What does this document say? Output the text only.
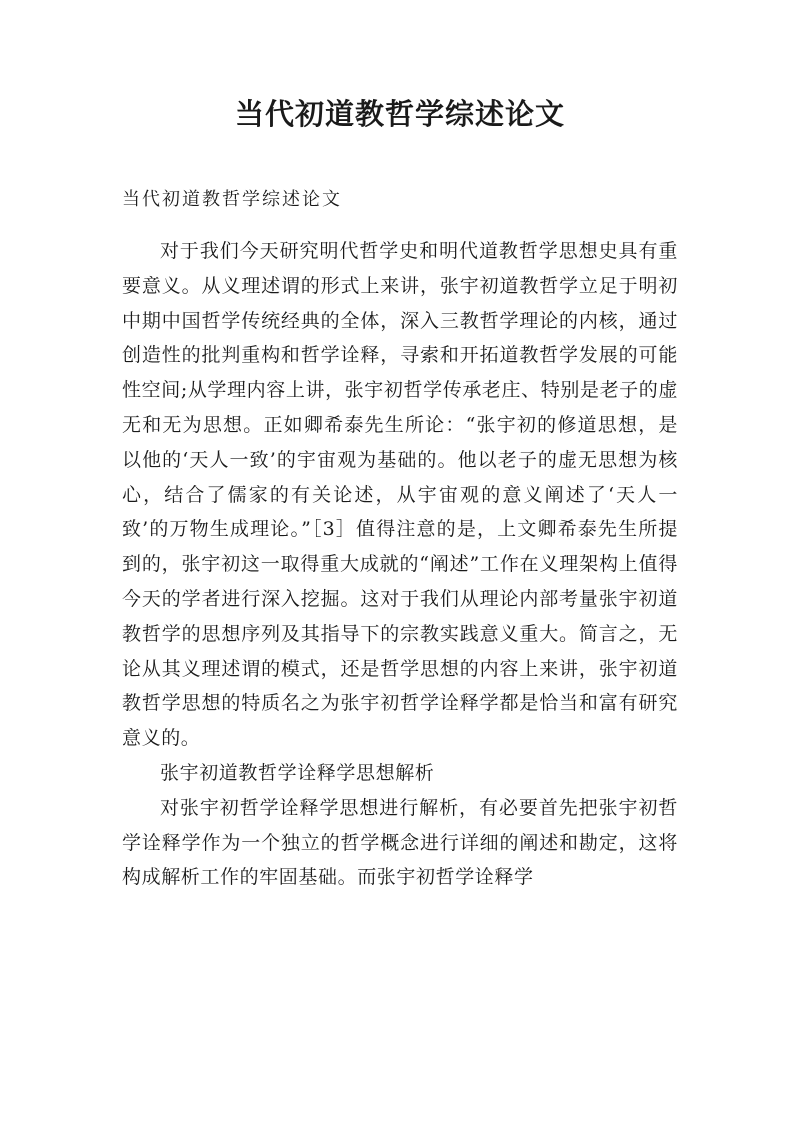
当代初道教哲学综述论文

当代初道教哲学综述论文

对于我们今天研究明代哲学史和明代道教哲学思想史具有重要意义。从义理述谓的形式上来讲，张宇初道教哲学立足于明初中期中国哲学传统经典的全体，深入三教哲学理论的内核，通过创造性的批判重构和哲学诠释，寻索和开拓道教哲学发展的可能性空间;从学理内容上讲，张宇初哲学传承老庄、特别是老子的虚无和无为思想。正如卿希泰先生所论：“张宇初的修道思想，是以他的‘天人一致’的宇宙观为基础的。他以老子的虚无思想为核心，结合了儒家的有关论述，从宇宙观的意义阐述了‘天人一致’的万物生成理论。”［3］值得注意的是，上文卿希泰先生所提到的，张宇初这一取得重大成就的“阐述”工作在义理架构上值得今天的学者进行深入挖掘。这对于我们从理论内部考量张宇初道教哲学的思想序列及其指导下的宗教实践意义重大。简言之，无论从其义理述谓的模式，还是哲学思想的内容上来讲，张宇初道教哲学思想的特质名之为张宇初哲学诠释学都是恰当和富有研究意义的。

张宇初道教哲学诠释学思想解析

对张宇初哲学诠释学思想进行解析，有必要首先把张宇初哲学诠释学作为一个独立的哲学概念进行详细的阐述和勘定，这将构成解析工作的牢固基础。而张宇初哲学诠释学
